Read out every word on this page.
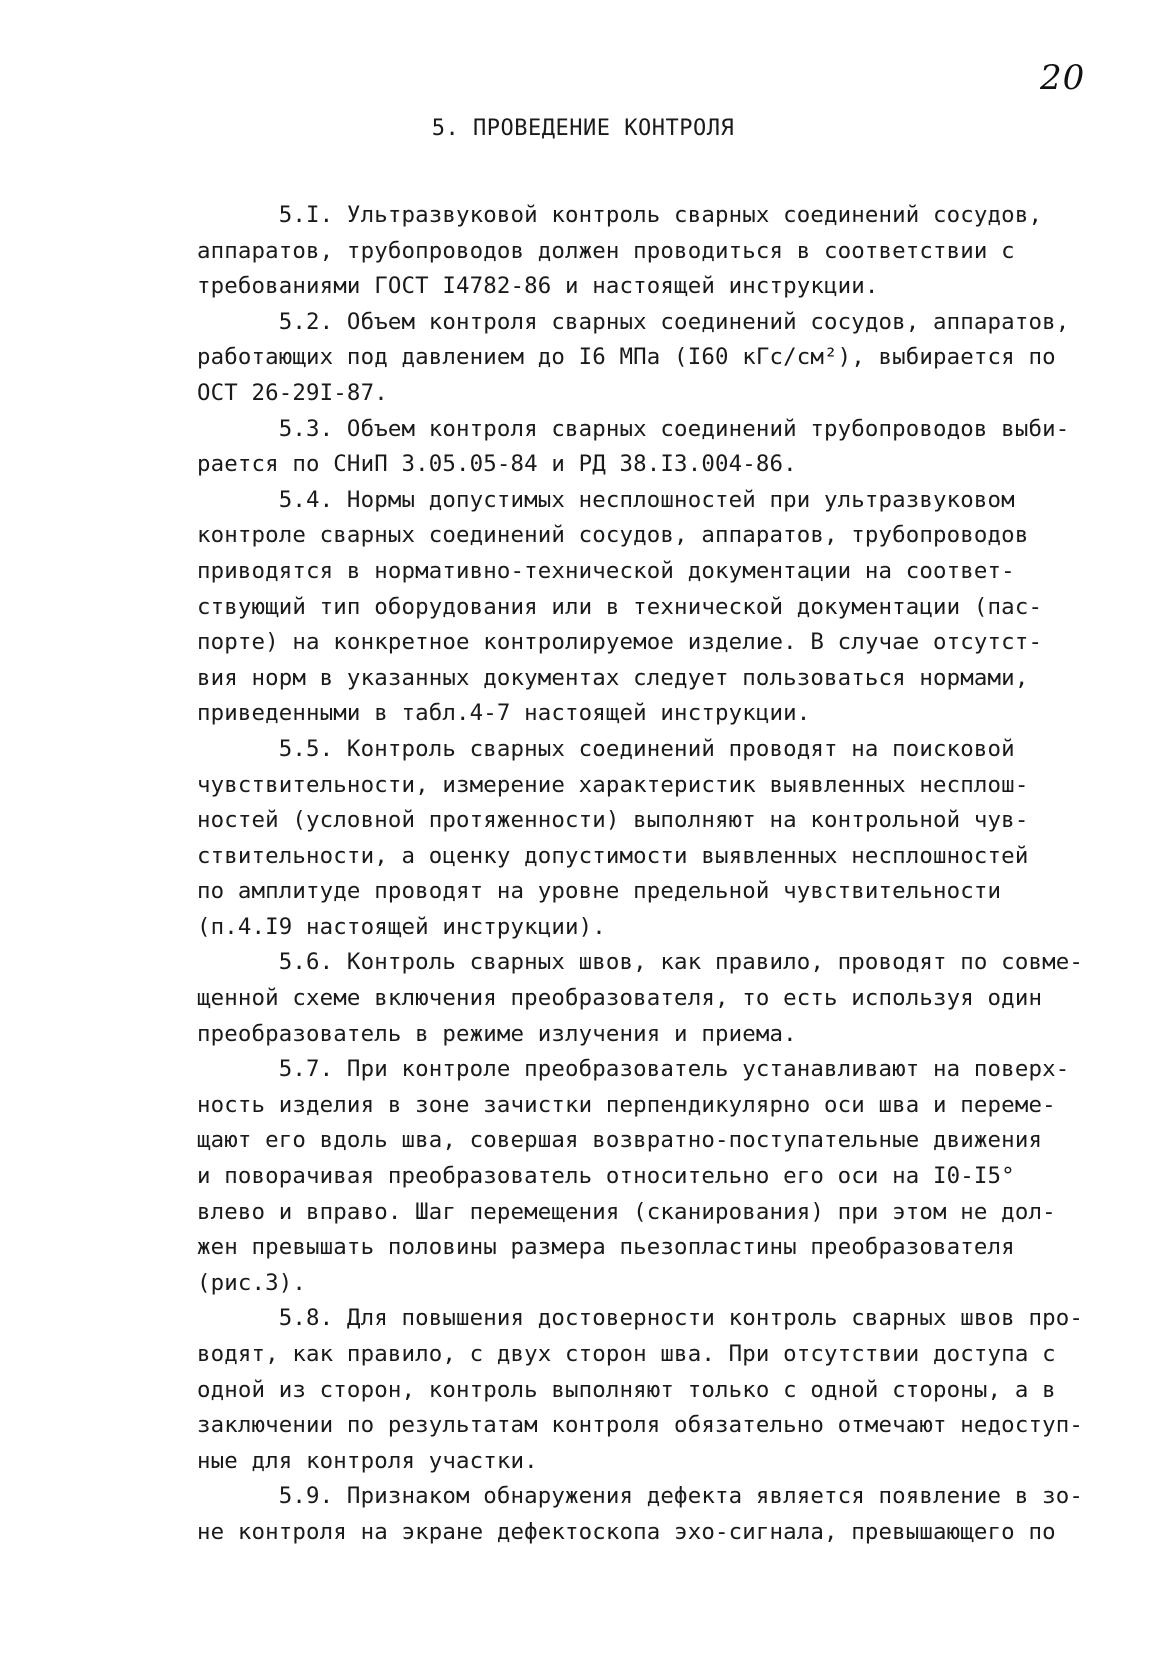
20
5. ПРОВЕДЕНИЕ КОНТРОЛЯ
5.I. Ультразвуковой контроль сварных соединений сосудов,
аппаратов, трубопроводов должен проводиться в соответствии с
требованиями ГОСТ I4782-86 и настоящей инструкции.
5.2. Объем контроля сварных соединений сосудов, аппаратов,
работающих под давлением до I6 МПа (I60 кГс/см²), выбирается по
ОСТ 26-29I-87.
5.3. Объем контроля сварных соединений трубопроводов выби-
рается по СНиП 3.05.05-84 и РД 38.I3.004-86.
5.4. Нормы допустимых несплошностей при ультразвуковом
контроле сварных соединений сосудов, аппаратов, трубопроводов
приводятся в нормативно-технической документации на соответ-
ствующий тип оборудования или в технической документации (пас-
порте) на конкретное контролируемое изделие. В случае отсутст-
вия норм в указанных документах следует пользоваться нормами,
приведенными в табл.4-7 настоящей инструкции.
5.5. Контроль сварных соединений проводят на поисковой
чувствительности, измерение характеристик выявленных несплош-
ностей (условной протяженности) выполняют на контрольной чув-
ствительности, а оценку допустимости выявленных несплошностей
по амплитуде проводят на уровне предельной чувствительности
(п.4.I9 настоящей инструкции).
5.6. Контроль сварных швов, как правило, проводят по совме-
щенной схеме включения преобразователя, то есть используя один
преобразователь в режиме излучения и приема.
5.7. При контроле преобразователь устанавливают на поверх-
ность изделия в зоне зачистки перпендикулярно оси шва и переме-
щают его вдоль шва, совершая возвратно-поступательные движения
и поворачивая преобразователь относительно его оси на I0-I5°
влево и вправо. Шаг перемещения (сканирования) при этом не дол-
жен превышать половины размера пьезопластины преобразователя
(рис.3).
5.8. Для повышения достоверности контроль сварных швов про-
водят, как правило, с двух сторон шва. При отсутствии доступа с
одной из сторон, контроль выполняют только с одной стороны, а в
заключении по результатам контроля обязательно отмечают недоступ-
ные для контроля участки.
5.9. Признаком обнаружения дефекта является появление в зо-
не контроля на экране дефектоскопа эхо-сигнала, превышающего по
